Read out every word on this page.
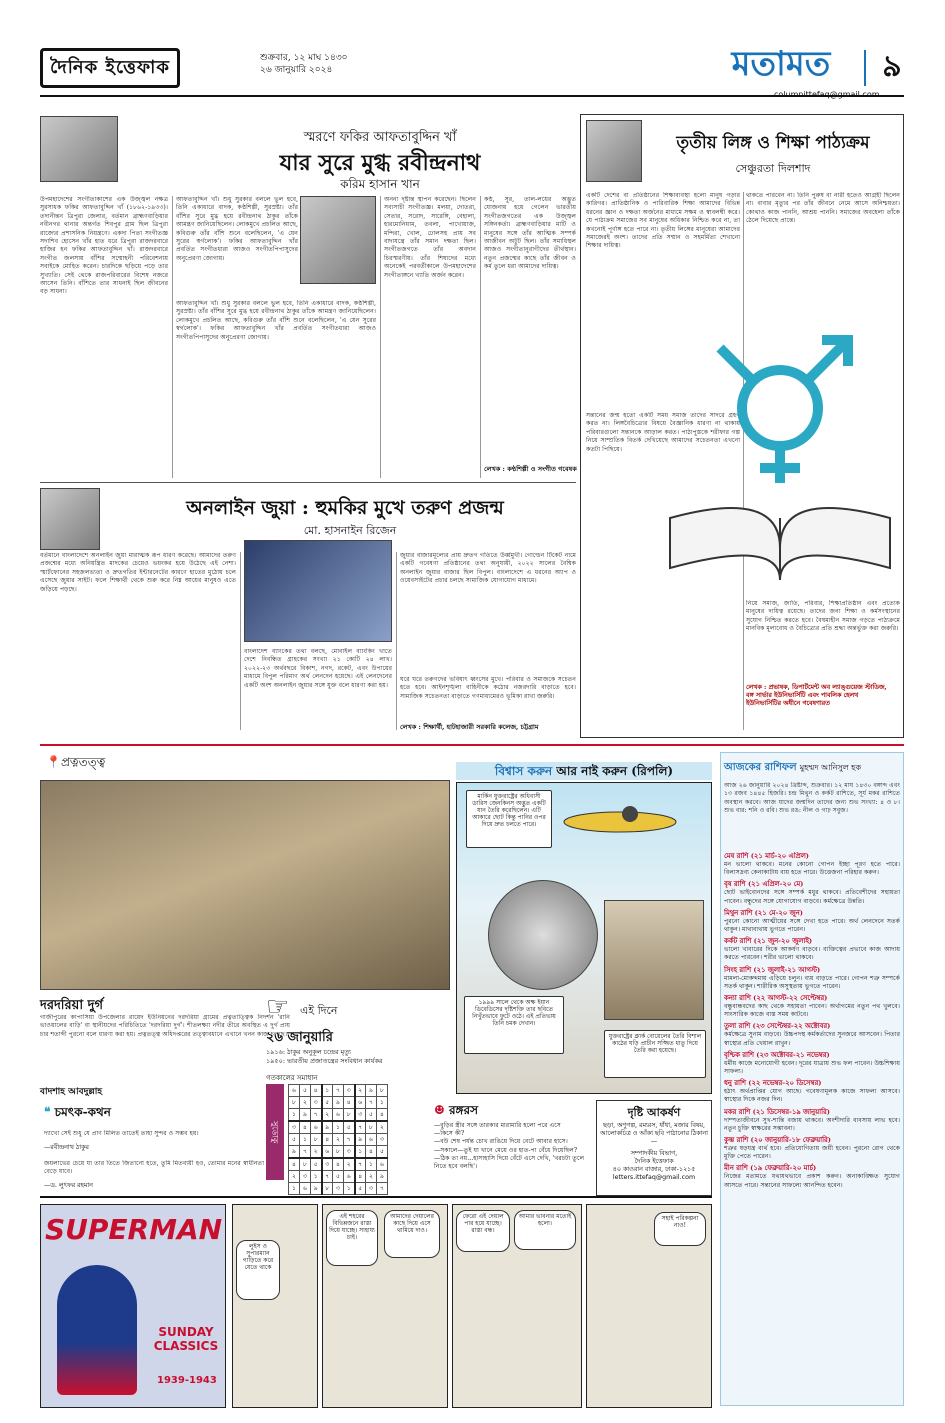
দৈনিক ইত্তেফাক	শুক্রবার, ১২ মাঘ ১৪৩০
২৬ জানুয়ারি ২০২৪	মতামত	৯
columnittefaq@gmail.com
স্মরণে ফকির আফতাবুদ্দিন খাঁ
যার সুরে মুগ্ধ রবীন্দ্রনাথ
করিম হাসান খান
উপমহাদেশের সংগীতাকাশের এক উজ্জ্বল নক্ষত্র সুরসাধক ফকির আফতাবুদ্দিন খাঁ (১৮৬২-১৯৩৩)। তদানীন্তন ত্রিপুরা জেলার, বর্তমান ব্রাহ্মণবাড়িয়ার নবীনগর থানার অন্তর্গত শিবপুর গ্রাম ছিল ত্রিপুরা রাজ্যের প্রশাসনিক নিয়ন্ত্রণে। একদা পিতা সংগীতজ্ঞ সদাশিব হোসেন খাঁর হাত ধরে ত্রিপুরা রাজদরবারে হাজির হন ফকির আফতাবুদ্দিন খাঁ। রাজদরবারে সংগীত জলসায় বাঁশির সম্মোহনী পরিবেশনায় সবাইকে মোহিত করেন। চারদিকে ছড়িয়ে পড়ে তার সুখ্যাতি। সেই থেকে রাজপরিবারের বিশেষ নজরে আসেন তিনি। বাঁশিতে তার সাধনাই ছিল জীবনের বড় সাধনা।
আফতাবুদ্দিন খাঁ। শুধু সুরকার বললে ভুল হবে, তিনি একাধারে বাদক, কণ্ঠশিল্পী, সুরস্রষ্টা। তাঁর বাঁশির সুরে মুগ্ধ হয়ে রবীন্দ্রনাথ ঠাকুর তাঁকে আমন্ত্রণ জানিয়েছিলেন। লোকমুখে প্রচলিত আছে, কবিগুরু তাঁর বাঁশি শুনে বলেছিলেন, 'এ যেন সুরের স্বর্গলোক'। ফকির আফতাবুদ্দিন খাঁর প্রবর্তিত সংগীতধারা আজও সংগীতপিপাসুদের অনুপ্রেরণা জোগায়।
আফতাবুদ্দিন খাঁ। শুধু সুরকার বললে ভুল হবে, তিনি একাধারে বাদক, কণ্ঠশিল্পী, সুরস্রষ্টা। তাঁর বাঁশির সুরে মুগ্ধ হয়ে রবীন্দ্রনাথ ঠাকুর তাঁকে আমন্ত্রণ জানিয়েছিলেন। লোকমুখে প্রচলিত আছে, কবিগুরু তাঁর বাঁশি শুনে বলেছিলেন, 'এ যেন সুরের স্বর্গলোক'। ফকির আফতাবুদ্দিন খাঁর প্রবর্তিত সংগীতধারা আজও সংগীতপিপাসুদের অনুপ্রেরণা জোগায়।
অনন্য দৃষ্টান্ত স্থাপন করেছেন। ছিলেন সব্যসাচী সংগীতজ্ঞ। মলয়া, দোতরা, সেতার, সরোদ, সারেঙ্গি, বেহালা, হারমোনিয়াম, তবলা, পাখোয়াজ, মন্দিরা, খোল, ঢোলসহ প্রায় সব বাদ্যযন্ত্রে তাঁর সমান দক্ষতা ছিল। সংগীতজগতে তাঁর অবদান চিরস্মরণীয়। তাঁর শিষ্যদের মধ্যে অনেকেই পরবর্তীকালে উপমহাদেশের সংগীতাঙ্গনে খ্যাতি অর্জন করেন।
কণ্ঠ, সুর, তাল-লয়ের অদ্ভুত যোজনায় হয়ে গেলেন ভারতীয় সংগীতজগতের এক উজ্জ্বল সঙ্গিনকর্তা। ব্রাহ্মণবাড়িয়ার মাটি ও মানুষের সঙ্গে তাঁর আত্মিক সম্পর্ক আজীবন অটুট ছিল। তাঁর সমাধিস্থল আজও সংগীতানুরাগীদের তীর্থস্থান। নতুন প্রজন্মের কাছে তাঁর জীবন ও কর্ম তুলে ধরা আমাদের দায়িত্ব।
লেখক : কণ্ঠশিল্পী ও সংগীত গবেষক
তৃতীয় লিঙ্গ ও শিক্ষা পাঠ্যক্রম
সেঞ্চুরতা দিলশাদ
একটি দেশের বা প্রতিষ্ঠানের শিক্ষাব্যবস্থা হলো মানুষ গড়ার কারিগর। প্রাতিষ্ঠানিক ও পারিবারিক শিক্ষা আমাদের বিভিন্ন ধরনের জ্ঞান ও দক্ষতা অর্জনের মাধ্যমে সক্ষম ও স্বাবলম্বী করে। যে পাঠ্যক্রম সমাজের সব মানুষের অধিকার নিশ্চিত করে না, তা কখনোই পূর্ণাঙ্গ হতে পারে না। তৃতীয় লিঙ্গের মানুষেরা আমাদের সমাজেরই অংশ। তাদের প্রতি সম্মান ও সহমর্মিতা শেখানো শিক্ষার দায়িত্ব।
থাকতে পারবেন না। তিনি পুরুষ বা নারী হতেও আগ্রহী ছিলেন না। বাবার মৃত্যুর পর তাঁর জীবনে নেমে আসে অনিশ্চয়তা। কোথাও কাজ পাননি, আশ্রয় পাননি। সমাজের অবহেলা তাঁকে ঠেলে দিয়েছে প্রান্তে।
সন্তানের জন্ম হতো একটি সময় সমাজ তাদের সাদরে গ্রহণ করত না। লিঙ্গবৈচিত্র্যের বিষয়ে বৈজ্ঞানিক ধারণা না থাকায় পরিবারগুলো সন্তানকে আড়াল করত। পাঠ্যপুস্তকে শরীফার গল্প নিয়ে সাম্প্রতিক বিতর্ক দেখিয়েছে আমাদের সচেতনতা এখনো কতটা পিছিয়ে।
নিয়ে সমাজ, জাতি, পরিবার, শিক্ষাপ্রতিষ্ঠান এবং প্রত্যেক মানুষের দায়িত্ব রয়েছে। তাদের জন্য শিক্ষা ও কর্মসংস্থানের সুযোগ নিশ্চিত করতে হবে। বৈষম্যহীন সমাজ গড়তে পাঠ্যক্রমে মানবিক মূল্যবোধ ও বৈচিত্র্যের প্রতি শ্রদ্ধা অন্তর্ভুক্ত করা জরুরি।
লেখক : প্রভাষক, ডিপার্টমেন্ট অব ল্যাঙ্গুয়েজ স্টাডিজ,
বঙ্গ সার্ভার ইউনিভার্সিটি এবং পাবলিক হেলথ
ইউনিভার্সিটির অধীনে গবেষণারত
অনলাইন জুয়া : হুমকির মুখে তরুণ প্রজন্ম
মো. হাসনাইন রিজেন
বর্তমানে বাংলাদেশে অনলাইন জুয়া মারাত্মক রূপ ধারণ করেছে। আমাদের তরুণ প্রজন্মের মধ্যে অনিয়ন্ত্রিত মাদকের চেয়েও ভয়ংকর হয়ে উঠেছে এই নেশা। স্মার্টফোনের সহজলভ্যতা ও দ্রুতগতির ইন্টারনেটের কারণে হাতের মুঠোয় চলে এসেছে জুয়ার সাইট। ফলে শিক্ষার্থী থেকে শুরু করে নিম্ন আয়ের মানুষও এতে জড়িয়ে পড়ছে।
বাংলাদেশ ব্যাংকের তথ্য বলছে, মোবাইল ব্যাংকিং খাতে দেশে নিবন্ধিত গ্রাহকের সংখ্যা ২১ কোটি ২৪ লাখ। ২০২২-২৩ অর্থবছরে বিকাশ, নগদ, রকেট, এবং উপায়ের মাধ্যমে বিপুল পরিমাণ অর্থ লেনদেন হয়েছে। এই লেনদেনের একটি অংশ অনলাইন জুয়ার সঙ্গে যুক্ত বলে ধারণা করা হয়।
জুয়ার বাজারমূল্যের প্রায় দ্রুতগ গতিতে উর্ধ্বমুখী। গোল্ডেন টিকেট নামে একটি গবেষণা প্রতিষ্ঠানের তথ্য অনুযায়ী, ২০২২ সালের বৈশ্বিক অনলাইন জুয়ার বাজার ছিল বিপুল। বাংলাদেশে এ ধরনের অ্যাপ ও ওয়েবসাইটের প্রচার চলছে সামাজিক যোগাযোগ মাধ্যমে।
ঘরে ঘরে তরুণদের ভবিষ্যৎ ধ্বংসের মুখে। পরিবার ও সমাজকে সচেতন হতে হবে। আইনশৃঙ্খলা বাহিনীকে কঠোর নজরদারি বাড়াতে হবে। সামাজিক সচেতনতা বাড়াতে গণমাধ্যমেরও ভূমিকা রাখা জরুরি।
লেখক : শিক্ষার্থী, হাটহাজারী সরকারি কলেজ, চট্টগ্রাম
📍প্রত্নতত্ত্ব
দরদরিয়া দুর্গ
গাজীপুরের কাপাসিয়া উপজেলার রায়েদ ইউনিয়নের দরদরিয়া গ্রামের প্রত্নতাত্ত্বিক নিদর্শন 'রানি ভাওয়ালের বাড়ি' বা স্থানীয়দের পরিচিতিতে 'দরদরিয়া দুর্গ'। শীতলক্ষ্যা নদীর তীরে অবস্থিত এ দুর্গ প্রায় চার শতাব্দী পুরনো বলে ধারণা করা হয়। প্রত্নতত্ত্ব অধিদপ্তরের তত্ত্বাবধানে এখানে খনন কাজ চলছে।
বাদশাহ আবদুল্লাহ
☞ এই দিনে
২৬ জানুয়ারি
১৯১৬: ঠাকুর অনুকূল চন্দ্রের মৃত্যু
১৯৫০: ভারতীয় প্রজাতন্ত্রের সংবিধান কার্যকর
গতকালের সমাধান
সুডোকু
৬	৫	৪	১	৭	৩	২	৯	৮
৮	২	৩	৫	৯	৪	৬	৭	১
১	৯	৭	২	৬	৮	৩	৫	৪
৩	৪	৬	৯	১	৫	৭	৮	২
৫	১	৮	৪	২	৭	৯	৬	৩
৯	৭	২	৬	৮	৩	১	৪	৫
৪	৮	৫	৩	৪	২	৭	১	৬
২	৩	১	৭	৫	৬	৪	২	৯
১	৬	৯	৮	৩	১	৫	৩	৭
❝ চমৎক-কথন
দ্যাখো সেই শুধু যে প্রাণ মিলিত তাতেই তাহা সুন্দর ও সম্ভব হয়।
—রবীন্দ্রনাথ ঠাকুর
জয়লাভের চেয়ে যা তার তিতে জিতানো হতে, তুমি মিতব্যয়ী হও, তোমার মনের স্বাধীনতা বেড়ে যাবে।
—ড. লুৎফর রহমান
বিশ্বাস করুন আর নাই করুন (রিপলি)
মার্কিন যুক্তরাষ্ট্রের অধিবাসী ডারিস জেনকিনস অদ্ভুত একটি যান তৈরি করেছিলেন। এটি আকারে ছোট কিন্তু পানির ওপর দিয়ে দ্রুত চলতে পারে।
১৯৯৯ সালে থেকে অক্ষ ইয়ান ডিবেডিসের দৃষ্টিশক্তি তার ছবিতে নিখুঁতভাবে ফুটে ওঠে। এই প্রতিভায় তিনি চমক দেখান।
যুক্তরাষ্ট্রের ক্লার্ক বোয়েলের তৈরি বিশাল কাঠের ঘড়ি প্রাচীন সজ্জিত ধাতু দিয়ে তৈরি করা হয়েছে।
☻ রঙ্গরস
—বুড়ির স্ত্রীর সঙ্গে তারকার মারামারি হলো পরে এসে
—কিসে কী?
—বউ শেষ পর্যন্ত চোখ রাঙিয়ে দিয়ে বেটে আবার হাসে।
—সকালে—তুই যা খানে মেয়ে ওর হাত-পা বেঁধে দিয়েছিল?
—ঠিক তা নয়...হাসাহাসি দিয়ে বেঁটে এসে দেখি, 'খরচটা তুলে নিতে হবে বলছি'।
দৃষ্টি আকর্ষণ
ছড়া, অণুগল্প, রম্যরস, ধাঁধা, মজার বিষয়, আলোকচিত্র ও আঁকা ছবি পাঠানোর ঠিকানা—
সম্পাদকীয় বিভাগ,
দৈনিক ইত্তেফাক
৪০ কাওরান বাজার, ঢাকা-১২১৫
letters.ittefaq@gmail.com
আজকের রাশিফল মুহম্মদ আনিসুল হক
আজ ২৬ জানুয়ারি ২০২৪ খ্রিষ্টাব্দ, শুক্রবার। ১২ মাঘ ১৪৩০ বঙ্গাব্দ এবং ১৩ রজব ১৪৪৫ হিজরি। চন্দ্র মিথুন ও কর্কট রাশিতে, সূর্য মকর রাশিতে অবস্থান করবে। আজ যাদের জন্মদিন তাদের জন্য শুভ সংখ্যা: ৪ ও ৮। শুভ বার: শনি ও রবি। শুভ রঙ: নীল ও গাঢ় সবুজ।
মেষ রাশি (২১ মার্চ-২০ এপ্রিল)
মন ভালো থাকবে। মনের কোনো গোপন ইচ্ছা পূরণ হতে পারে। বিলাসদ্রব্য কেনাকাটায় ব্যয় হতে পারে। উত্তেজনা পরিহার করুন।
বৃষ রাশি (২১ এপ্রিল-২০ মে)
ছোট ভাইবোনদের সঙ্গে সম্পর্ক মধুর থাকবে। প্রতিবেশীদের সহায়তা পাবেন। বন্ধুদের সঙ্গে যোগাযোগ বাড়বে। কর্মক্ষেত্রে উন্নতি।
মিথুন রাশি (২১ মে-২০ জুন)
পুরনো কোনো আত্মীয়ের সঙ্গে দেখা হতে পারে। অর্থ লেনদেনে সতর্ক থাকুন। মাথাব্যথায় ভুগতে পারেন।
কর্কট রাশি (২১ জুন-২০ জুলাই)
ভালো খাবারের দিকে আকর্ষণ বাড়বে। ব্যক্তিত্বের প্রভাবে কাজ আদায় করতে পারবেন। শরীর ভালো থাকবে।
সিংহ রাশি (২১ জুলাই-২১ আগস্ট)
মামলা-মোকদ্দমায় এড়িয়ে চলুন। ব্যয় বাড়তে পারে। গোপন শত্রু সম্পর্কে সতর্ক থাকুন। শারীরিক অসুস্থতায় ভুগতে পারেন।
কন্যা রাশি (২২ আগস্ট-২২ সেপ্টেম্বর)
বন্ধুবান্ধবদের কাছ থেকে সহায়তা পাবেন। অর্থাগমের নতুন পথ খুলবে। সাংসারিক কাজে ব্যস্ত সময় কাটবে।
তুলা রাশি (২৩ সেপ্টেম্বর-২২ অক্টোবর)
কর্মক্ষেত্রে সুনাম বাড়বে। উচ্চপদস্থ কর্মকর্তাদের সুনজরে আসবেন। পিতার স্বাস্থ্যের প্রতি খেয়াল রাখুন।
বৃশ্চিক রাশি (২৩ অক্টোবর-২১ নভেম্বর)
ধর্মীয় কাজে মনোযোগী হবেন। দূরের যাত্রায় শুভ ফল পাবেন। উচ্চশিক্ষায় সাফল্য।
ধনু রাশি (২২ নভেম্বর-২০ ডিসেম্বর)
হঠাৎ অর্থপ্রাপ্তির যোগ আছে। গবেষণামূলক কাজে সাফল্য আসবে। স্বাস্থ্যের দিকে নজর দিন।
মকর রাশি (২১ ডিসেম্বর-১৯ জানুয়ারি)
দাম্পত্যজীবনে সুখ-শান্তি বজায় থাকবে। অংশীদারি ব্যবসায় লাভ হবে। নতুন চুক্তি স্বাক্ষরের সম্ভাবনা।
কুম্ভ রাশি (২০ জানুয়ারি-১৮ ফেব্রুয়ারি)
শত্রুর ষড়যন্ত্র ব্যর্থ হবে। প্রতিযোগিতায় জয়ী হবেন। পুরনো রোগ থেকে মুক্তি পেতে পারেন।
মীন রাশি (১৯ ফেব্রুয়ারি-২০ মার্চ)
নিজের মতামতে যথাযথভাবে প্রকাশ করুন। অনাকাঙ্ক্ষিত সুযোগ আসতে পারে। সন্তানের সাফল্যে আনন্দিত হবেন।
SUPERMAN
SUNDAY CLASSICS
1939-1943
লুইস ও সুপারম্যান গাড়িতে করে যেতে থাকে
এই শহরের বিভিন্নজনে রাস্তা দিয়ে যাচ্ছে। সাহায্য চাই।
আমাদের দেয়ালের কাছে দিয়ে এসে থামিয়ে দাও।
ফেরো এই দেয়াল পার হয়ে যাচ্ছে। রাস্তা বন্ধ।
আমার ভাবনার মতোই হলো।
সহাই পরিকল্পনা নাও!
